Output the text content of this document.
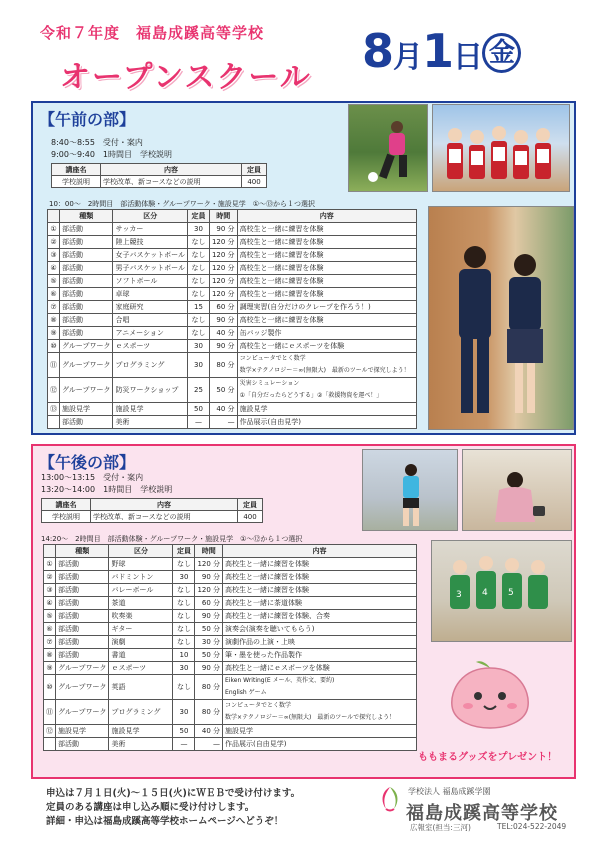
令和７年度　福島成蹊高等学校
オープンスクール 8月1日 金
【午前の部】
8:40～8:55　受付・案内
9:00～9:40　1時間目　学校説明
講座名	内容	定員
学校説明	学校改革、新コースなどの説明	400
10：00～　2時間目　部活動体験・グループワーク・施設見学　①～⑬から１つ選択
	種類	区分	定員	時間	内容
①	部活動	サッカー	30	90 分	高校生と一緒に練習を体験
②	部活動	陸上競技	なし	120 分	高校生と一緒に練習を体験
③	部活動	女子バスケットボール	なし	120 分	高校生と一緒に練習を体験
④	部活動	男子バスケットボール	なし	120 分	高校生と一緒に練習を体験
⑤	部活動	ソフトボール	なし	120 分	高校生と一緒に練習を体験
⑥	部活動	卓球	なし	120 分	高校生と一緒に練習を体験
⑦	部活動	家庭研究	15	60 分	調理実習(自分だけのクレープを作ろう！)
⑧	部活動	合唱	なし	90 分	高校生と一緒に練習を体験
⑨	部活動	アニメーション	なし	40 分	缶バッジ製作
⑩	グループワーク	ｅスポーツ	30	90 分	高校生と一緒にｅスポーツを体験
⑪	グループワーク	プログラミング	30	80 分	コンピュータでとく数学
数学×テクノロジー＝∞(無限大)　最新のツールで探究しよう！

⑫	グループワーク	防災ワークショップ	25	50 分	災害シミュレーション
①「自分だったらどうする」②「救援物資を運べ！」

⑬	施設見学	施設見学	50	40 分	施設見学
	部活動	美術	—	—	作品展示(自由見学)
【午後の部】
13:00～13:15　受付・案内
13:20～14:00　1時間目　学校説明
講座名	内容	定員
学校説明	学校改革、新コースなどの説明	400
14:20～　2時間目　部活動体験・グループワーク・施設見学　①～⑫から１つ選択
	種類	区分	定員	時間	内容
①	部活動	野球	なし	120 分	高校生と一緒に練習を体験
②	部活動	バドミントン	30	90 分	高校生と一緒に練習を体験
③	部活動	バレーボール	なし	120 分	高校生と一緒に練習を体験
④	部活動	茶道	なし	60 分	高校生と一緒に茶道体験
⑤	部活動	吹奏楽	なし	90 分	高校生と一緒に練習を体験、合奏
⑥	部活動	ギター	なし	50 分	演奏会(演奏を聴いてもらう)
⑦	部活動	演劇	なし	30 分	演劇作品の上演・上映
⑧	部活動	書道	10	50 分	筆・墨を使った作品製作
⑨	グループワーク	ｅスポーツ	30	90 分	高校生と一緒にｅスポーツを体験
⑩	グループワーク	英語	なし	80 分	Eiken Writing(E メール、英作文、要約)
English ゲーム

⑪	グループワーク	プログラミング	30	80 分	コンピュータでとく数学
数学×テクノロジー＝∞(無限大)　最新のツールで探究しよう！

⑫	施設見学	施設見学	50	40 分	施設見学
	部活動	美術	—	—	作品展示(自由見学)
3 4 5
ももまるグッズをプレゼント！
申込は７月１日(火)～１５日(火)にＷＥＢで受け付けます。
定員のある講座は申し込み順に受け付けします。
詳細・申込は福島成蹊高等学校ホームページへどうぞ！
学校法人 福島成蹊学園
福島成蹊高等学校
広報室(担当:三河)	TEL:024-522-2049
